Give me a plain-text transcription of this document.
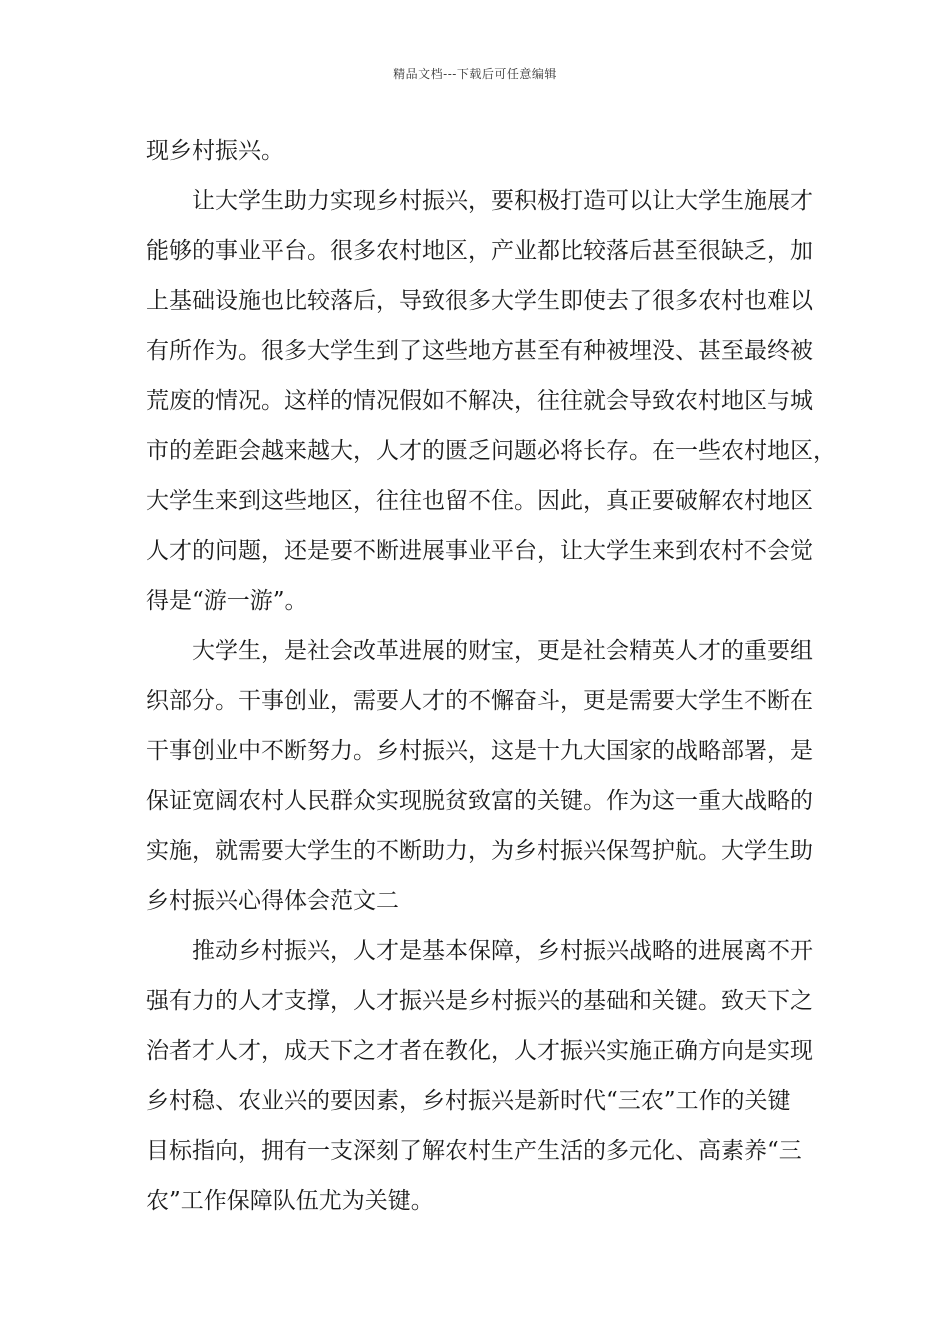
精品文档---下载后可任意编辑
现乡村振兴。
让大学生助力实现乡村振兴，要积极打造可以让大学生施展才
能够的事业平台。很多农村地区，产业都比较落后甚至很缺乏，加
上基础设施也比较落后，导致很多大学生即使去了很多农村也难以
有所作为。很多大学生到了这些地方甚至有种被埋没、甚至最终被
荒废的情况。这样的情况假如不解决，往往就会导致农村地区与城
市的差距会越来越大，人才的匮乏问题必将长存。在一些农村地区，
大学生来到这些地区，往往也留不住。因此，真正要破解农村地区
人才的问题，还是要不断进展事业平台，让大学生来到农村不会觉
得是“游一游”。
大学生，是社会改革进展的财宝，更是社会精英人才的重要组
织部分。干事创业，需要人才的不懈奋斗，更是需要大学生不断在
干事创业中不断努力。乡村振兴，这是十九大国家的战略部署，是
保证宽阔农村人民群众实现脱贫致富的关键。作为这一重大战略的
实施，就需要大学生的不断助力，为乡村振兴保驾护航。大学生助
乡村振兴心得体会范文二
推动乡村振兴，人才是基本保障，乡村振兴战略的进展离不开
强有力的人才支撑，人才振兴是乡村振兴的基础和关键。致天下之
治者才人才，成天下之才者在教化，人才振兴实施正确方向是实现
乡村稳、农业兴的要因素，乡村振兴是新时代“三农”工作的关键
目标指向，拥有一支深刻了解农村生产生活的多元化、高素养“三
农”工作保障队伍尤为关键。
